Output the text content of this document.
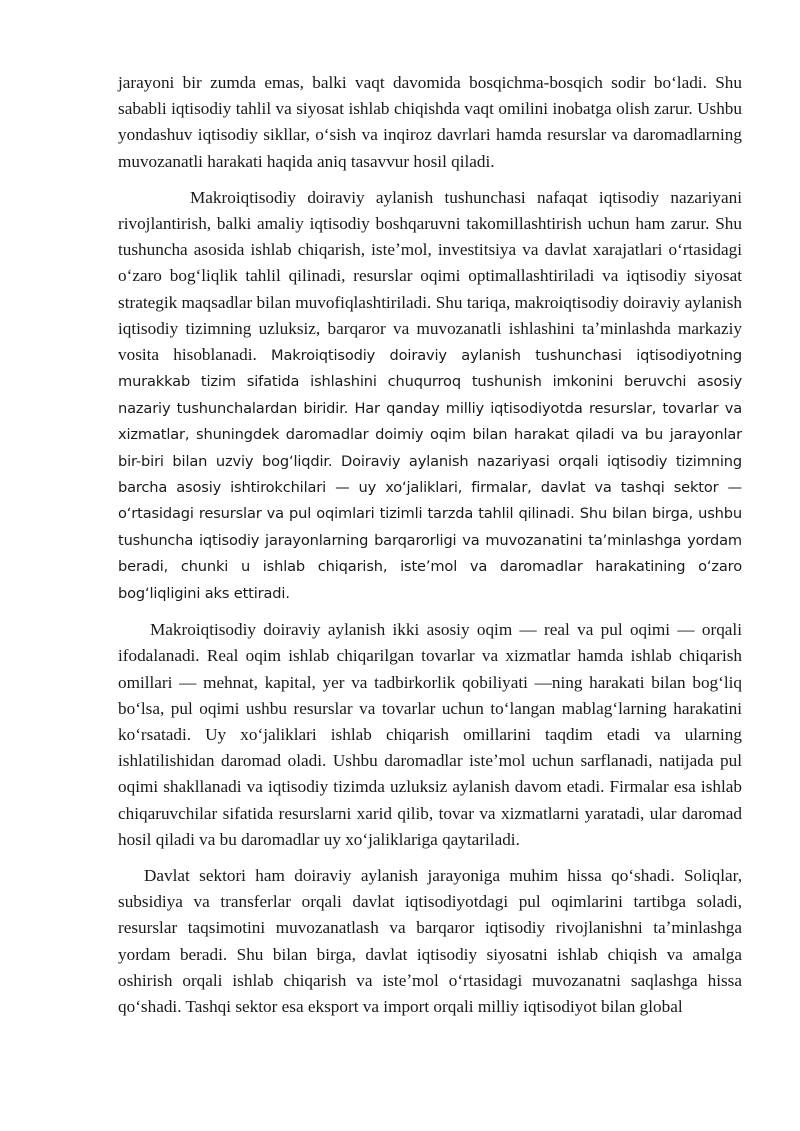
jarayoni bir zumda emas, balki vaqt davomida bosqichma-bosqich sodir boʻladi. Shu sababli iqtisodiy tahlil va siyosat ishlab chiqishda vaqt omilini inobatga olish zarur. Ushbu yondashuv iqtisodiy sikllar, oʻsish va inqiroz davrlari hamda resurslar va daromadlarning muvozanatli harakati haqida aniq tasavvur hosil qiladi.

Makroiqtisodiy doiraviy aylanish tushunchasi nafaqat iqtisodiy nazariyani rivojlantirish, balki amaliy iqtisodiy boshqaruvni takomillashtirish uchun ham zarur. Shu tushuncha asosida ishlab chiqarish, isteʼmol, investitsiya va davlat xarajatlari oʻrtasidagi oʻzaro bogʻliqlik tahlil qilinadi, resurslar oqimi optimallashtiriladi va iqtisodiy siyosat strategik maqsadlar bilan muvofiqlashtiriladi. Shu tariqa, makroiqtisodiy doiraviy aylanish iqtisodiy tizimning uzluksiz, barqaror va muvozanatli ishlashini taʼminlashda markaziy vosita hisoblanadi. Makroiqtisodiy doiraviy aylanish tushunchasi iqtisodiyotning murakkab tizim sifatida ishlashini chuqurroq tushunish imkonini beruvchi asosiy nazariy tushunchalardan biridir. Har qanday milliy iqtisodiyotda resurslar, tovarlar va xizmatlar, shuningdek daromadlar doimiy oqim bilan harakat qiladi va bu jarayonlar bir-biri bilan uzviy bog‘liqdir. Doiraviy aylanish nazariyasi orqali iqtisodiy tizimning barcha asosiy ishtirokchilari — uy xo‘jaliklari, firmalar, davlat va tashqi sektor — o‘rtasidagi resurslar va pul oqimlari tizimli tarzda tahlil qilinadi. Shu bilan birga, ushbu tushuncha iqtisodiy jarayonlarning barqarorligi va muvozanatini ta’minlashga yordam beradi, chunki u ishlab chiqarish, iste’mol va daromadlar harakatining o‘zaro bog‘liqligini aks ettiradi.

Makroiqtisodiy doiraviy aylanish ikki asosiy oqim — real va pul oqimi — orqali ifodalanadi. Real oqim ishlab chiqarilgan tovarlar va xizmatlar hamda ishlab chiqarish omillari — mehnat, kapital, yer va tadbirkorlik qobiliyati —ning harakati bilan bogʻliq boʻlsa, pul oqimi ushbu resurslar va tovarlar uchun toʻlangan mablagʻlarning harakatini koʻrsatadi. Uy xoʻjaliklari ishlab chiqarish omillarini taqdim etadi va ularning ishlatilishidan daromad oladi. Ushbu daromadlar isteʼmol uchun sarflanadi, natijada pul oqimi shakllanadi va iqtisodiy tizimda uzluksiz aylanish davom etadi. Firmalar esa ishlab chiqaruvchilar sifatida resurslarni xarid qilib, tovar va xizmatlarni yaratadi, ular daromad hosil qiladi va bu daromadlar uy xoʻjaliklariga qaytariladi.

Davlat sektori ham doiraviy aylanish jarayoniga muhim hissa qoʻshadi. Soliqlar, subsidiya va transferlar orqali davlat iqtisodiyotdagi pul oqimlarini tartibga soladi, resurslar taqsimotini muvozanatlash va barqaror iqtisodiy rivojlanishni taʼminlashga yordam beradi. Shu bilan birga, davlat iqtisodiy siyosatni ishlab chiqish va amalga oshirish orqali ishlab chiqarish va isteʼmol oʻrtasidagi muvozanatni saqlashga hissa qoʻshadi. Tashqi sektor esa eksport va import orqali milliy iqtisodiyot bilan global
